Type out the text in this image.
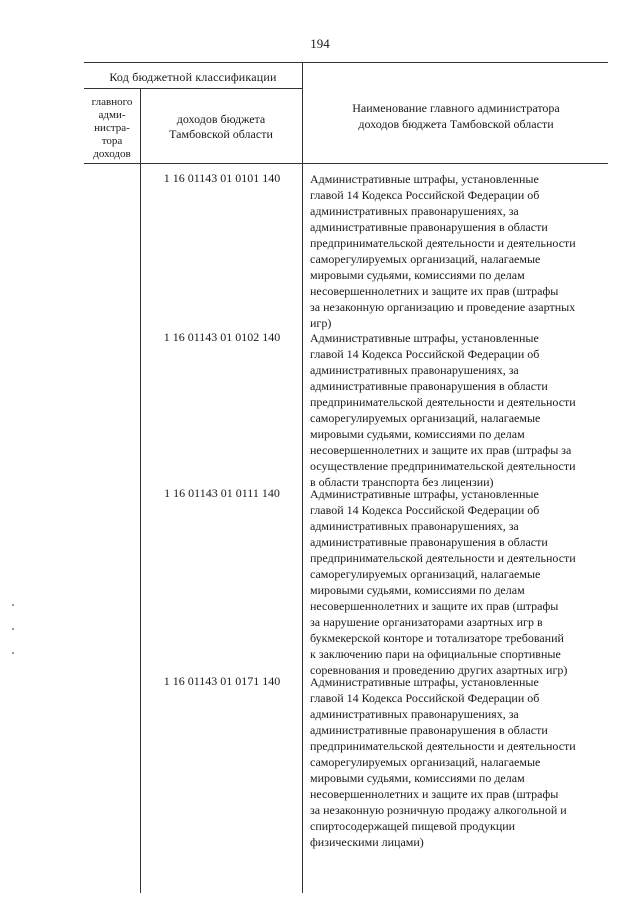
194
Код бюджетной классификации
главного
адми-
нистра-
тора
доходов
доходов бюджета
Тамбовской области
Наименование главного администратора
доходов бюджета Тамбовской области
1 16 01143 01 0101 140	Административные штрафы, установленные
главой 14 Кодекса Российской Федерации об
административных правонарушениях, за
административные правонарушения в области
предпринимательской деятельности и деятельности
саморегулируемых организаций, налагаемые
мировыми судьями, комиссиями по делам
несовершеннолетних и защите их прав (штрафы
за незаконную организацию и проведение азартных
игр)
1 16 01143 01 0102 140	Административные штрафы, установленные
главой 14 Кодекса Российской Федерации об
административных правонарушениях, за
административные правонарушения в области
предпринимательской деятельности и деятельности
саморегулируемых организаций, налагаемые
мировыми судьями, комиссиями по делам
несовершеннолетних и защите их прав (штрафы за
осуществление предпринимательской деятельности
в области транспорта без лицензии)
1 16 01143 01 0111 140	Административные штрафы, установленные
главой 14 Кодекса Российской Федерации об
административных правонарушениях, за
административные правонарушения в области
предпринимательской деятельности и деятельности
саморегулируемых организаций, налагаемые
мировыми судьями, комиссиями по делам
несовершеннолетних и защите их прав (штрафы
за нарушение организаторами азартных игр в
букмекерской конторе и тотализаторе требований
к заключению пари на официальные спортивные
соревнования и проведению других азартных игр)
1 16 01143 01 0171 140	Административные штрафы, установленные
главой 14 Кодекса Российской Федерации об
административных правонарушениях, за
административные правонарушения в области
предпринимательской деятельности и деятельности
саморегулируемых организаций, налагаемые
мировыми судьями, комиссиями по делам
несовершеннолетних и защите их прав (штрафы
за незаконную розничную продажу алкогольной и
спиртосодержащей пищевой продукции
физическими лицами)
